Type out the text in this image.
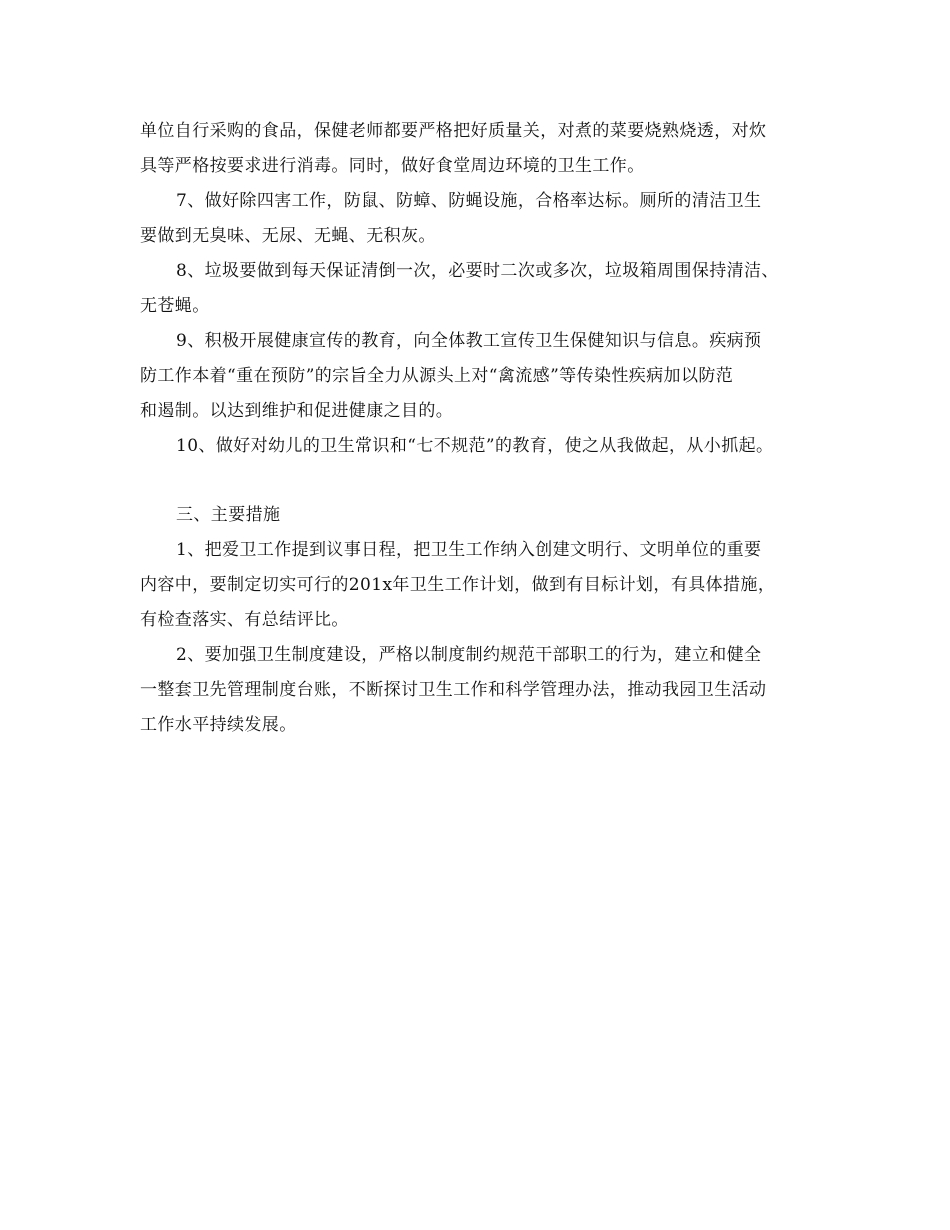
单位自行采购的食品，保健老师都要严格把好质量关，对煮的菜要烧熟烧透，对炊
具等严格按要求进行消毒。同时，做好食堂周边环境的卫生工作。
7、做好除四害工作，防鼠、防蟑、防蝇设施，合格率达标。厕所的清洁卫生
要做到无臭味、无尿、无蝇、无积灰。
8、垃圾要做到每天保证清倒一次，必要时二次或多次，垃圾箱周围保持清洁、
无苍蝇。
9、积极开展健康宣传的教育，向全体教工宣传卫生保健知识与信息。疾病预
防工作本着“重在预防”的宗旨全力从源头上对“禽流感”等传染性疾病加以防范
和遏制。以达到维护和促进健康之目的。
10、做好对幼儿的卫生常识和“七不规范”的教育，使之从我做起，从小抓起。
三、主要措施
1、把爱卫工作提到议事日程，把卫生工作纳入创建文明行、文明单位的重要
内容中，要制定切实可行的201x年卫生工作计划，做到有目标计划，有具体措施，
有检查落实、有总结评比。
2、要加强卫生制度建设，严格以制度制约规范干部职工的行为，建立和健全
一整套卫先管理制度台账，不断探讨卫生工作和科学管理办法，推动我园卫生活动
工作水平持续发展。
